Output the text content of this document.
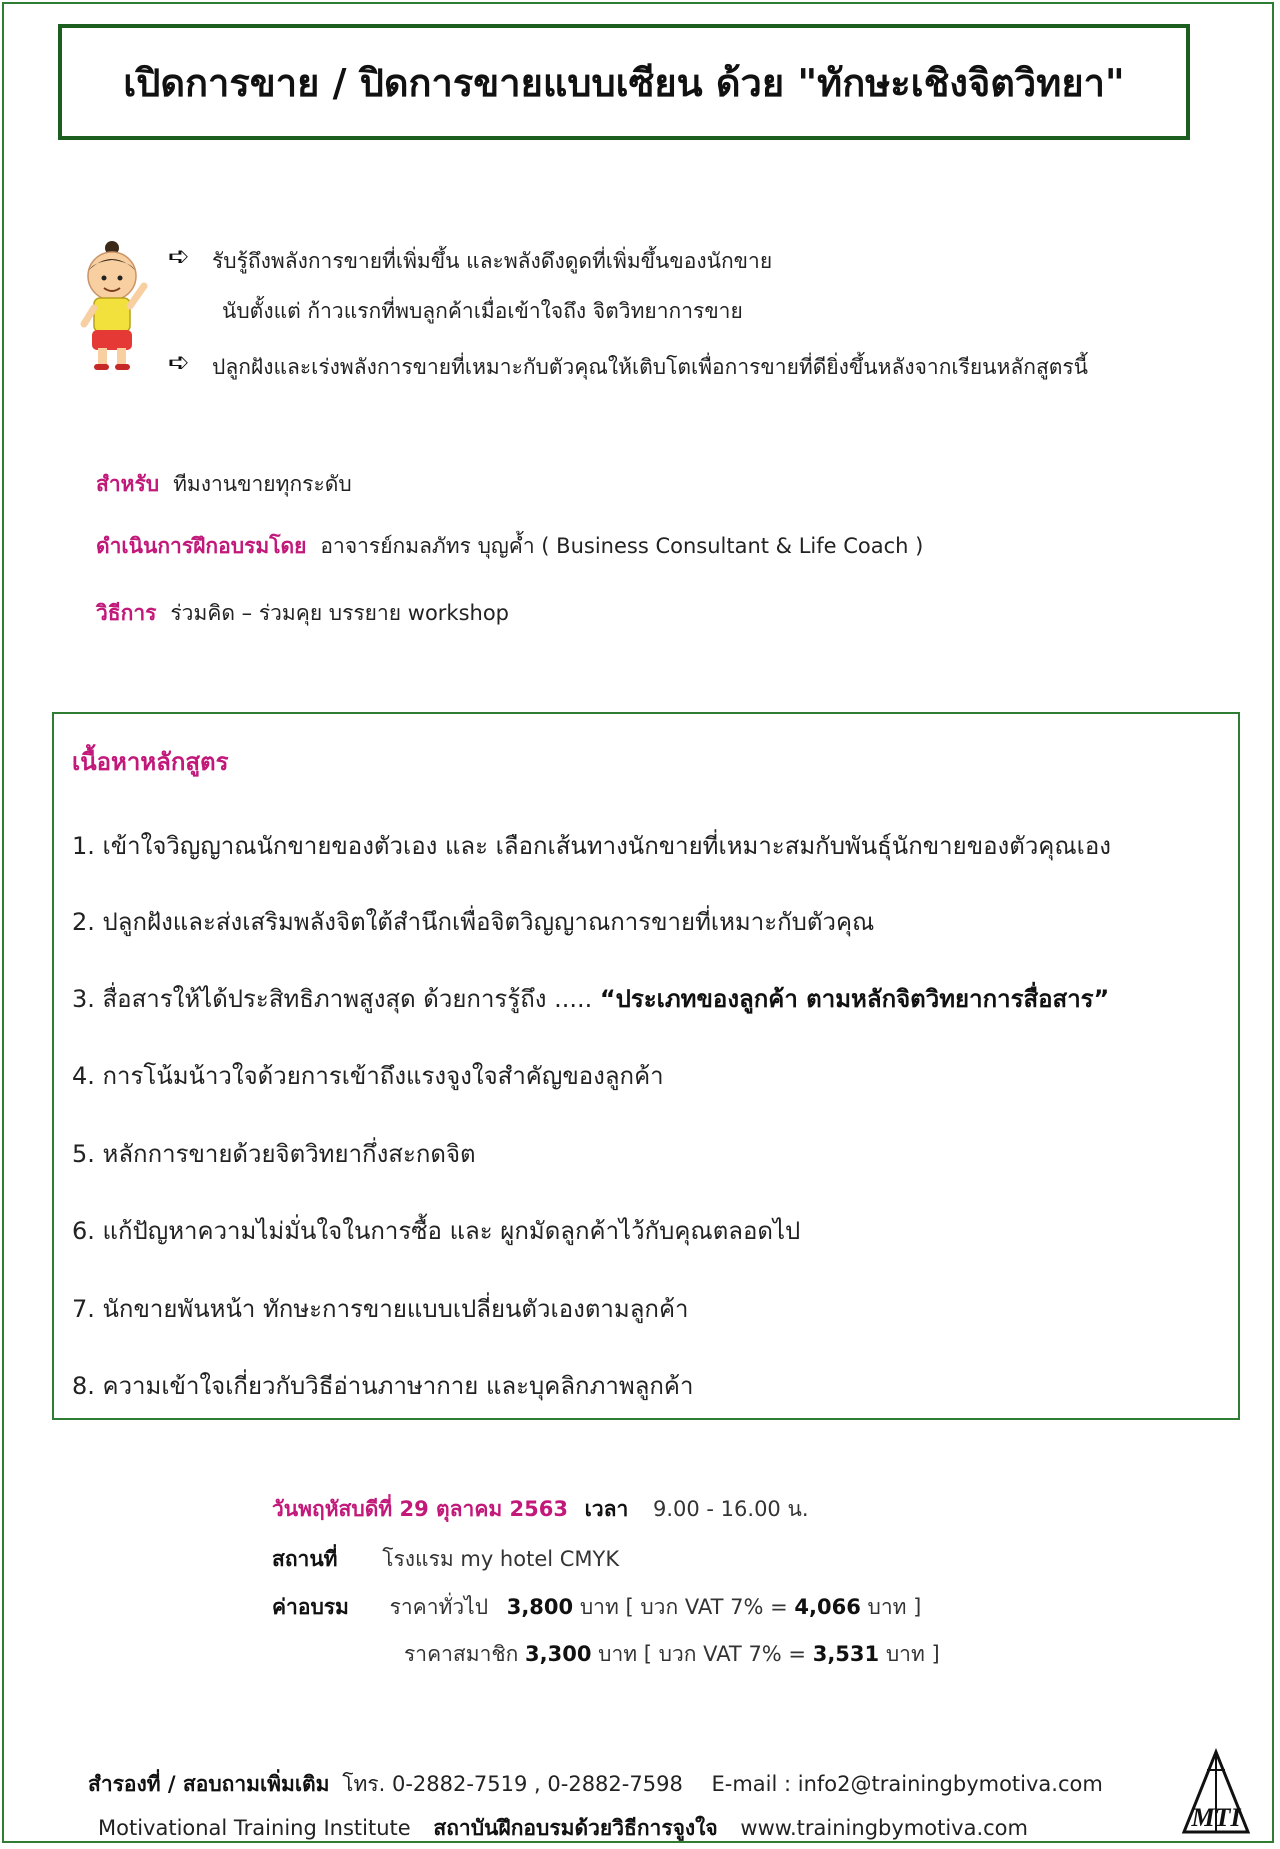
เปิดการขาย / ปิดการขายแบบเซียน ด้วย "ทักษะเชิงจิตวิทยา"
➪ รับรู้ถึงพลังการขายที่เพิ่มขึ้น และพลังดึงดูดที่เพิ่มขึ้นของนักขาย
นับตั้งแต่ ก้าวแรกที่พบลูกค้าเมื่อเข้าใจถึง จิตวิทยาการขาย
➪ ปลูกฝังและเร่งพลังการขายที่เหมาะกับตัวคุณให้เติบโตเพื่อการขายที่ดียิ่งขึ้นหลังจากเรียนหลักสูตรนี้
สำหรับ ทีมงานขายทุกระดับ
ดำเนินการฝึกอบรมโดย อาจารย์กมลภัทร บุญค้ำ ( Business Consultant & Life Coach )
วิธีการ ร่วมคิด – ร่วมคุย บรรยาย workshop
เนื้อหาหลักสูตร
1. เข้าใจวิญญาณนักขายของตัวเอง และ เลือกเส้นทางนักขายที่เหมาะสมกับพันธุ์นักขายของตัวคุณเอง
2. ปลูกฝังและส่งเสริมพลังจิตใต้สำนึกเพื่อจิตวิญญาณการขายที่เหมาะกับตัวคุณ
3. สื่อสารให้ได้ประสิทธิภาพสูงสุด ด้วยการรู้ถึง ..... “ประเภทของลูกค้า ตามหลักจิตวิทยาการสื่อสาร”
4. การโน้มน้าวใจด้วยการเข้าถึงแรงจูงใจสำคัญของลูกค้า
5. หลักการขายด้วยจิตวิทยากึ่งสะกดจิต
6. แก้ปัญหาความไม่มั่นใจในการซื้อ และ ผูกมัดลูกค้าไว้กับคุณตลอดไป
7. นักขายพันหน้า ทักษะการขายแบบเปลี่ยนตัวเองตามลูกค้า
8. ความเข้าใจเกี่ยวกับวิธีอ่านภาษากาย และบุคลิกภาพลูกค้า
วันพฤหัสบดีที่ 29 ตุลาคม 2563 เวลา 9.00 - 16.00 น.
สถานที่ โรงแรม my hotel CMYK
ค่าอบรม ราคาทั่วไป 3,800 บาท [ บวก VAT 7% = 4,066 บาท ]
ราคาสมาชิก 3,300 บาท [ บวก VAT 7% = 3,531 บาท ]
สำรองที่ / สอบถามเพิ่มเติม โทร. 0-2882-7519 , 0-2882-7598 E-mail : info2@trainingbymotiva.com
Motivational Training Institute สถาบันฝึกอบรมด้วยวิธีการจูงใจ www.trainingbymotiva.com	MTI
